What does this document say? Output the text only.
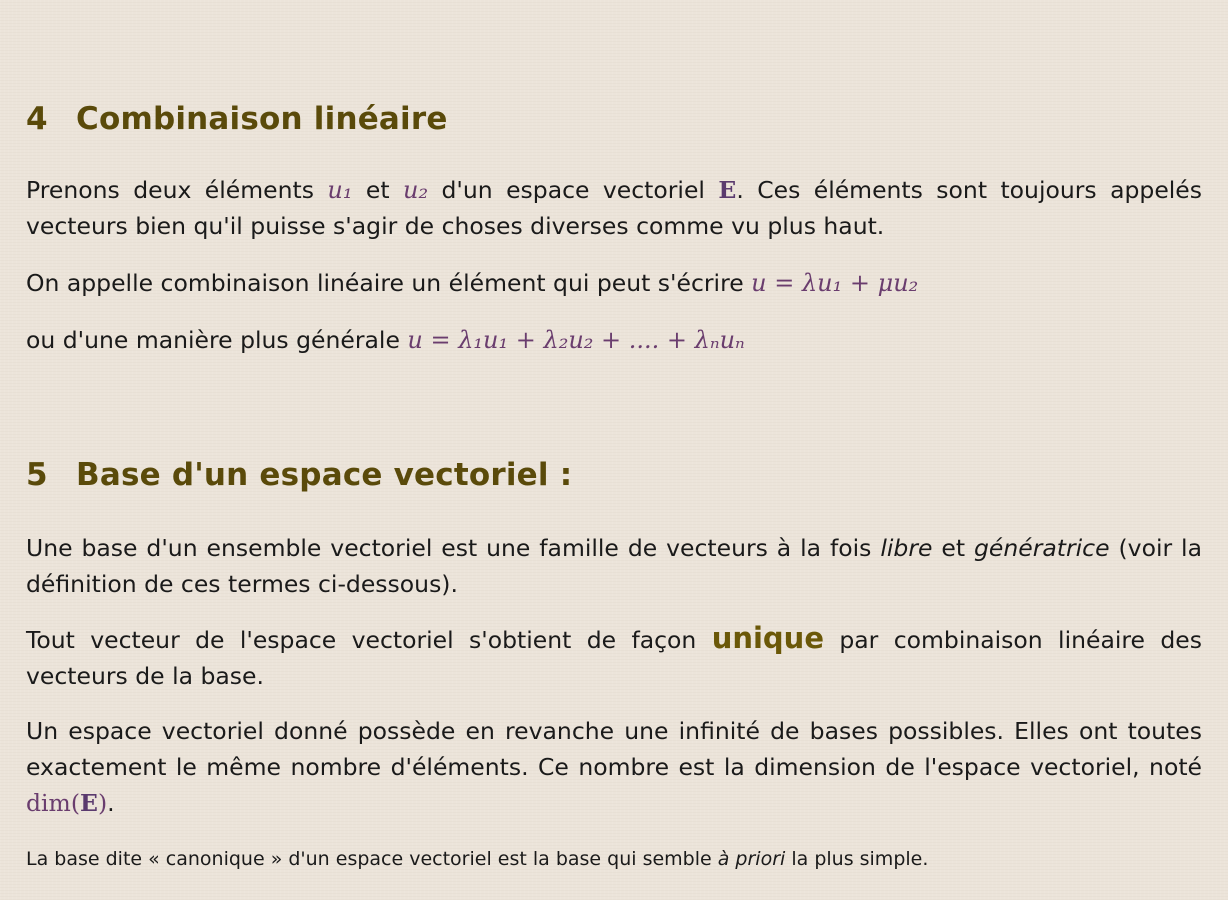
4 Combinaison linéaire

Prenons deux éléments u₁ et u₂ d'un espace vectoriel E. Ces éléments sont toujours appelés vecteurs bien qu'il puisse s'agir de choses diverses comme vu plus haut.

On appelle combinaison linéaire un élément qui peut s'écrire u = λu₁ + μu₂

ou d'une manière plus générale u = λ₁u₁ + λ₂u₂ + .... + λₙuₙ

5 Base d'un espace vectoriel :

Une base d'un ensemble vectoriel est une famille de vecteurs à la fois libre et génératrice (voir la définition de ces termes ci-dessous).

Tout vecteur de l'espace vectoriel s'obtient de façon unique par combinaison linéaire des vecteurs de la base.

Un espace vectoriel donné possède en revanche une infinité de bases possibles. Elles ont toutes exactement le même nombre d'éléments. Ce nombre est la dimension de l'espace vectoriel, noté dim(E).

La base dite « canonique » d'un espace vectoriel est la base qui semble à priori la plus simple.
